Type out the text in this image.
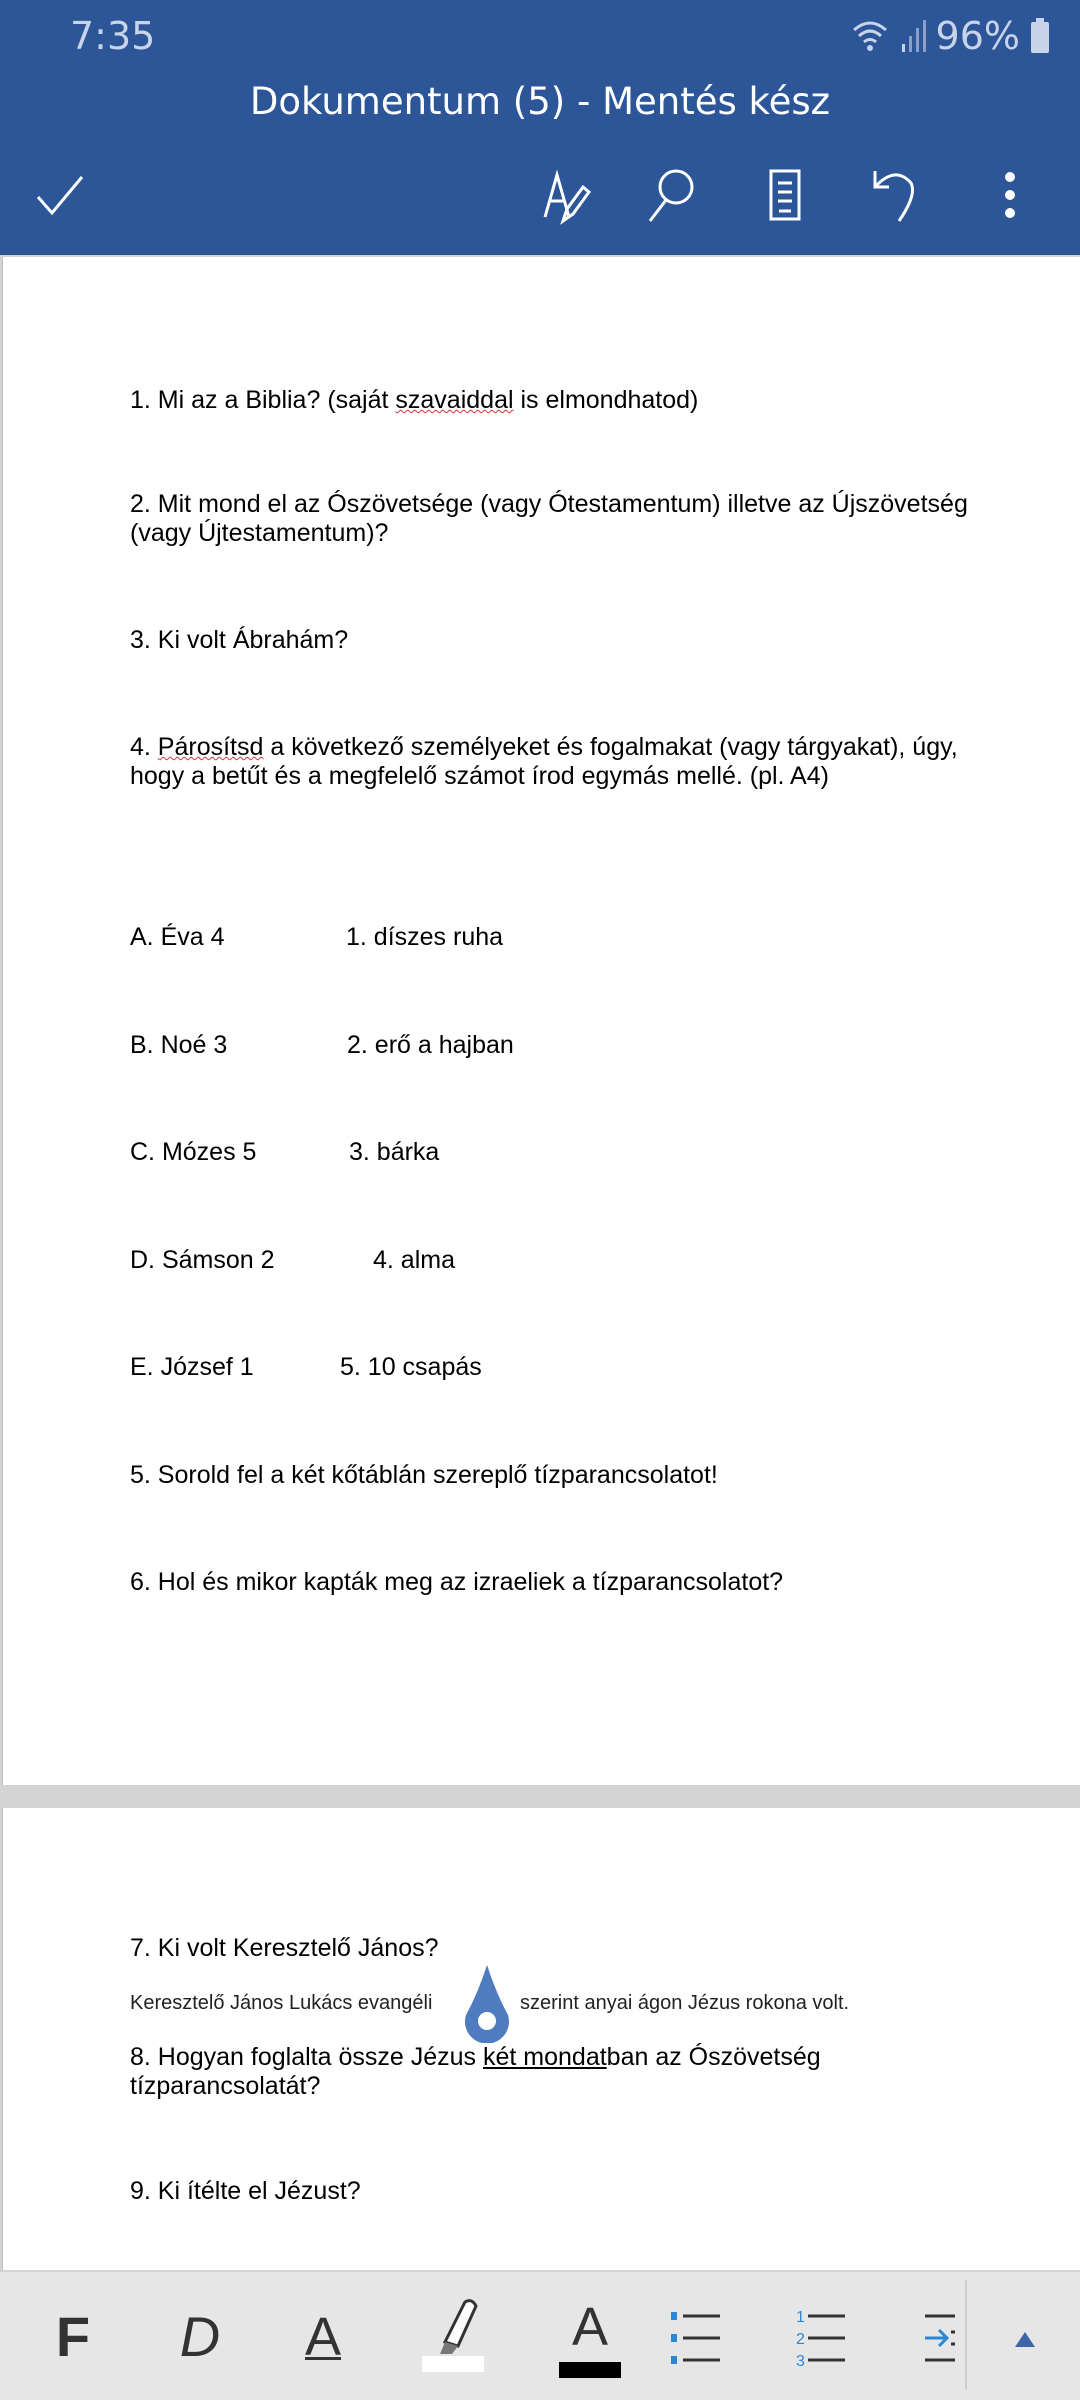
7:35	96%
Dokumentum (5) - Mentés kész
1. Mi az a Biblia? (saját szavaiddal is elmondhatod)
2. Mit mond el az Ószövetsége (vagy Ótestamentum) illetve az Újszövetség
(vagy Újtestamentum)?
3. Ki volt Ábrahám?
4. Párosítsd a következő személyeket és fogalmakat (vagy tárgyakat), úgy,
hogy a betűt és a megfelelő számot írod egymás mellé. (pl. A4)
A. Éva 4	1. díszes ruha
B. Noé 3	2. erő a hajban
C. Mózes 5	3. bárka
D. Sámson 2	4. alma
E. József 1	5. 10 csapás
5. Sorold fel a két kőtáblán szereplő tízparancsolatot!
6. Hol és mikor kapták meg az izraeliek a tízparancsolatot?
7. Ki volt Keresztelő János?
Keresztelő János Lukács evangéli	szerint anyai ágon Jézus rokona volt.
8. Hogyan foglalta össze Jézus két mondatban az Ószövetség
tízparancsolatát?
9. Ki ítélte el Jézust?
F	D	A	A	1
2
3
